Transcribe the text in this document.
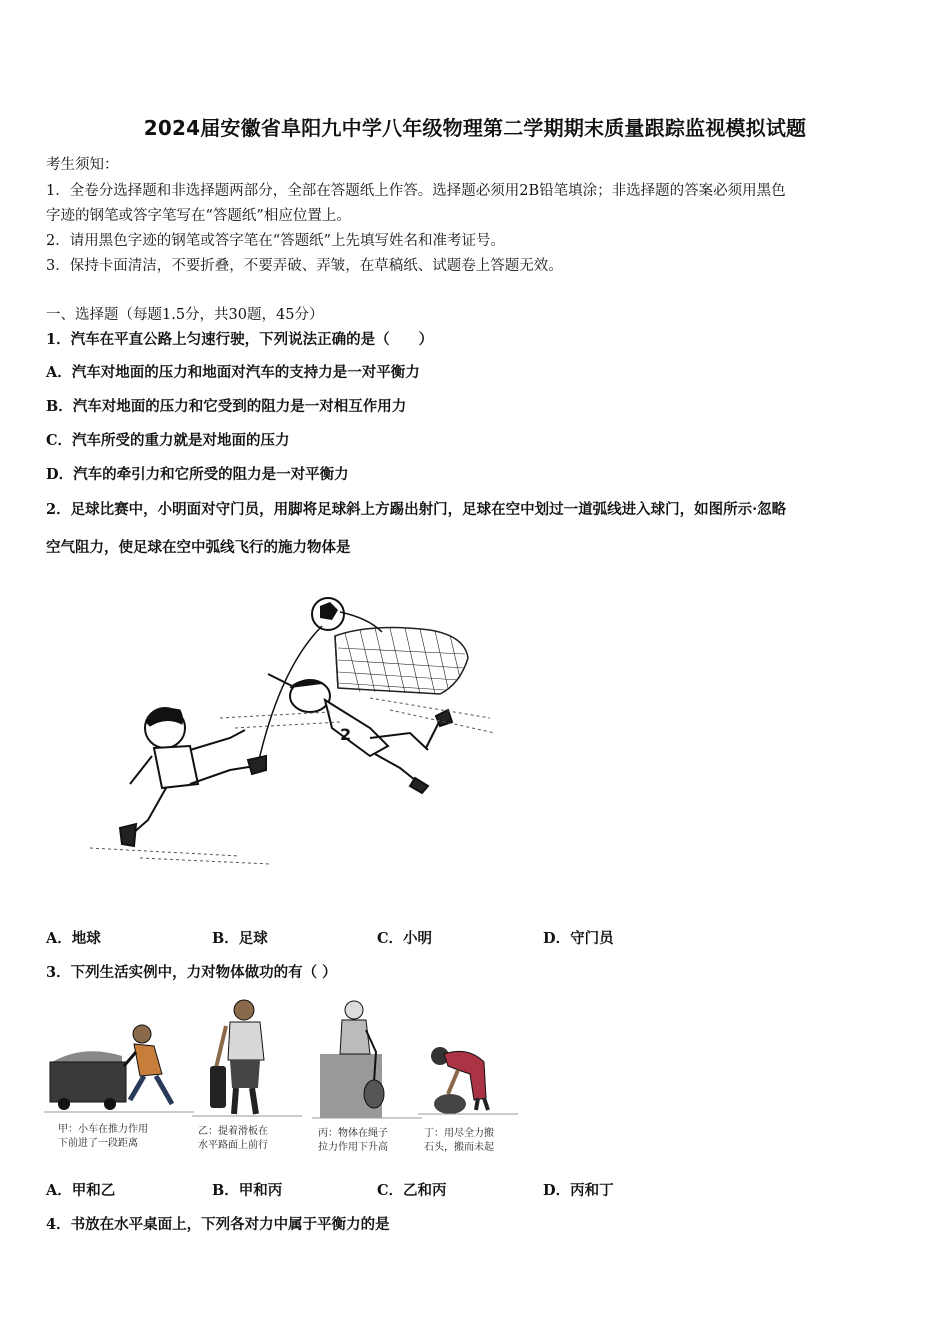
2024届安徽省阜阳九中学八年级物理第二学期期末质量跟踪监视模拟试题
考生须知：
1．全卷分选择题和非选择题两部分，全部在答题纸上作答。选择题必须用2B铅笔填涂；非选择题的答案必须用黑色
字迹的钢笔或答字笔写在“答题纸”相应位置上。
2．请用黑色字迹的钢笔或答字笔在“答题纸”上先填写姓名和准考证号。
3．保持卡面清洁，不要折叠，不要弄破、弄皱，在草稿纸、试题卷上答题无效。
一、选择题（每题1.5分，共30题，45分）
1．汽车在平直公路上匀速行驶，下列说法正确的是（　　）
A．汽车对地面的压力和地面对汽车的支持力是一对平衡力
B．汽车对地面的压力和它受到的阻力是一对相互作用力
C．汽车所受的重力就是对地面的压力
D．汽车的牵引力和它所受的阻力是一对平衡力
2．足球比赛中，小明面对守门员，用脚将足球斜上方踢出射门，足球在空中划过一道弧线进入球门，如图所示·忽略
空气阻力，使足球在空中弧线飞行的施力物体是
2
A．地球	B．足球	C．小明	D．守门员
3．下列生活实例中，力对物体做功的有（ ）
甲：小车在推力作用
下前进了一段距离
乙：提着滑板在
水平路面上前行
丙：物体在绳子
拉力作用下升高
丁：用尽全力搬
石头，搬而未起
A．甲和乙	B．甲和丙	C．乙和丙	D．丙和丁
4．书放在水平桌面上，下列各对力中属于平衡力的是
